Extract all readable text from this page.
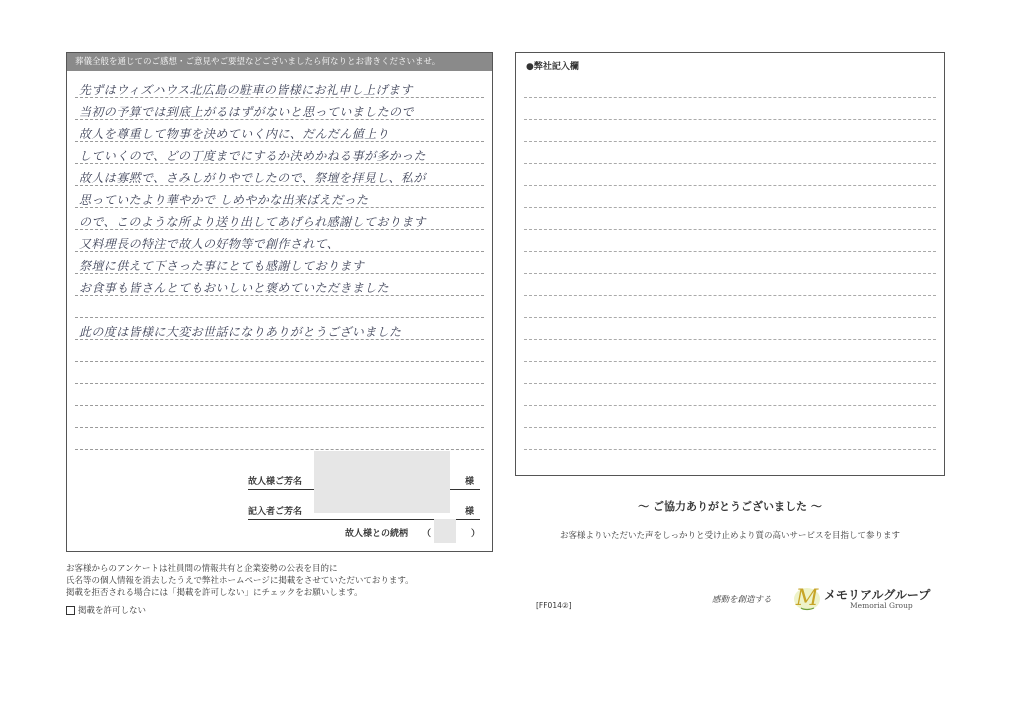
葬儀全般を通じてのご感想・ご意見やご要望などございましたら何なりとお書きくださいませ。
先ずはウィズハウス北広島の駐車の皆様にお礼申し上げます
当初の予算では到底上がるはずがないと思っていましたので
故人を尊重して物事を決めていく内に、だんだん値上り
していくので、どの丁度までにするか決めかねる事が多かった
故人は寡黙で、さみしがりやでしたので、祭壇を拝見し、私が
思っていたより華やかで しめやかな出来ばえだった
ので、このような所より送り出してあげられ感謝しております
又料理長の特注で故人の好物等で創作されて、
祭壇に供えて下さった事にとても感謝しております
お食事も皆さんとてもおいしいと褒めていただきました
此の度は皆様に大変お世話になりありがとうございました
故人様ご芳名	様
記入者ご芳名	様
故人様との続柄 （	）
●弊社記入欄
〜 ご協力ありがとうございました 〜
お客様よりいただいた声をしっかりと受け止めより質の高いサービスを目指して参ります
お客様からのアンケートは社員間の情報共有と企業姿勢の公表を目的に
氏名等の個人情報を消去したうえで弊社ホームページに掲載をさせていただいております。
掲載を拒否される場合には「掲載を許可しない」にチェックをお願いします。
掲載を許可しない
[FF014②]
感動を創造する M メモリアルグループ
Memorial Group
